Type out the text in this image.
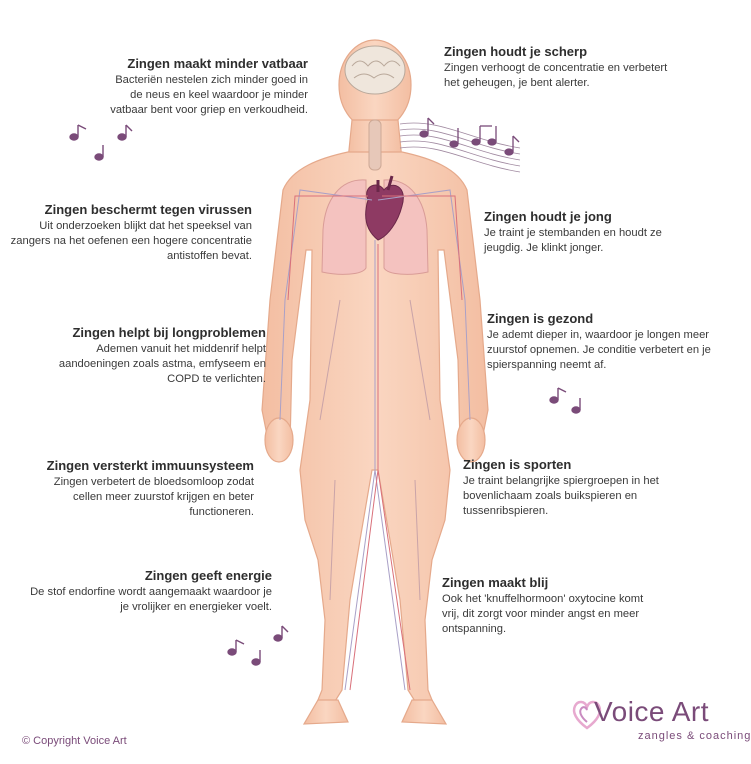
Zingen maakt minder vatbaar

Bacteriën nestelen zich minder goed in de neus en keel waardoor je minder vatbaar bent voor griep en verkoudheid.

Zingen beschermt tegen virussen

Uit onderzoeken blijkt dat het speeksel van zangers na het oefenen een hogere concentratie antistoffen bevat.

Zingen helpt bij longproblemen

Ademen vanuit het middenrif helpt aandoeningen zoals astma, emfyseem en COPD te verlichten.

Zingen versterkt immuunsysteem

Zingen verbetert de bloedsomloop zodat cellen meer zuurstof krijgen en beter functioneren.

Zingen geeft energie

De stof endorfine wordt aangemaakt waardoor je je vrolijker en energieker voelt.

Zingen houdt je scherp

Zingen verhoogt de concentratie en verbetert het geheugen, je bent alerter.

Zingen houdt je jong

Je traint je stembanden en houdt ze jeugdig. Je klinkt jonger.

Zingen is gezond

Je ademt dieper in, waardoor je longen meer zuurstof opnemen. Je conditie verbetert en je spierspanning neemt af.

Zingen is sporten

Je traint belangrijke spiergroepen in het bovenlichaam zoals buikspieren en tussenribspieren.

Zingen maakt blij

Ook het 'knuffelhormoon' oxytocine komt vrij, dit zorgt voor minder angst en meer ontspanning.

© Copyright Voice Art
Voice Art
zangles & coaching
